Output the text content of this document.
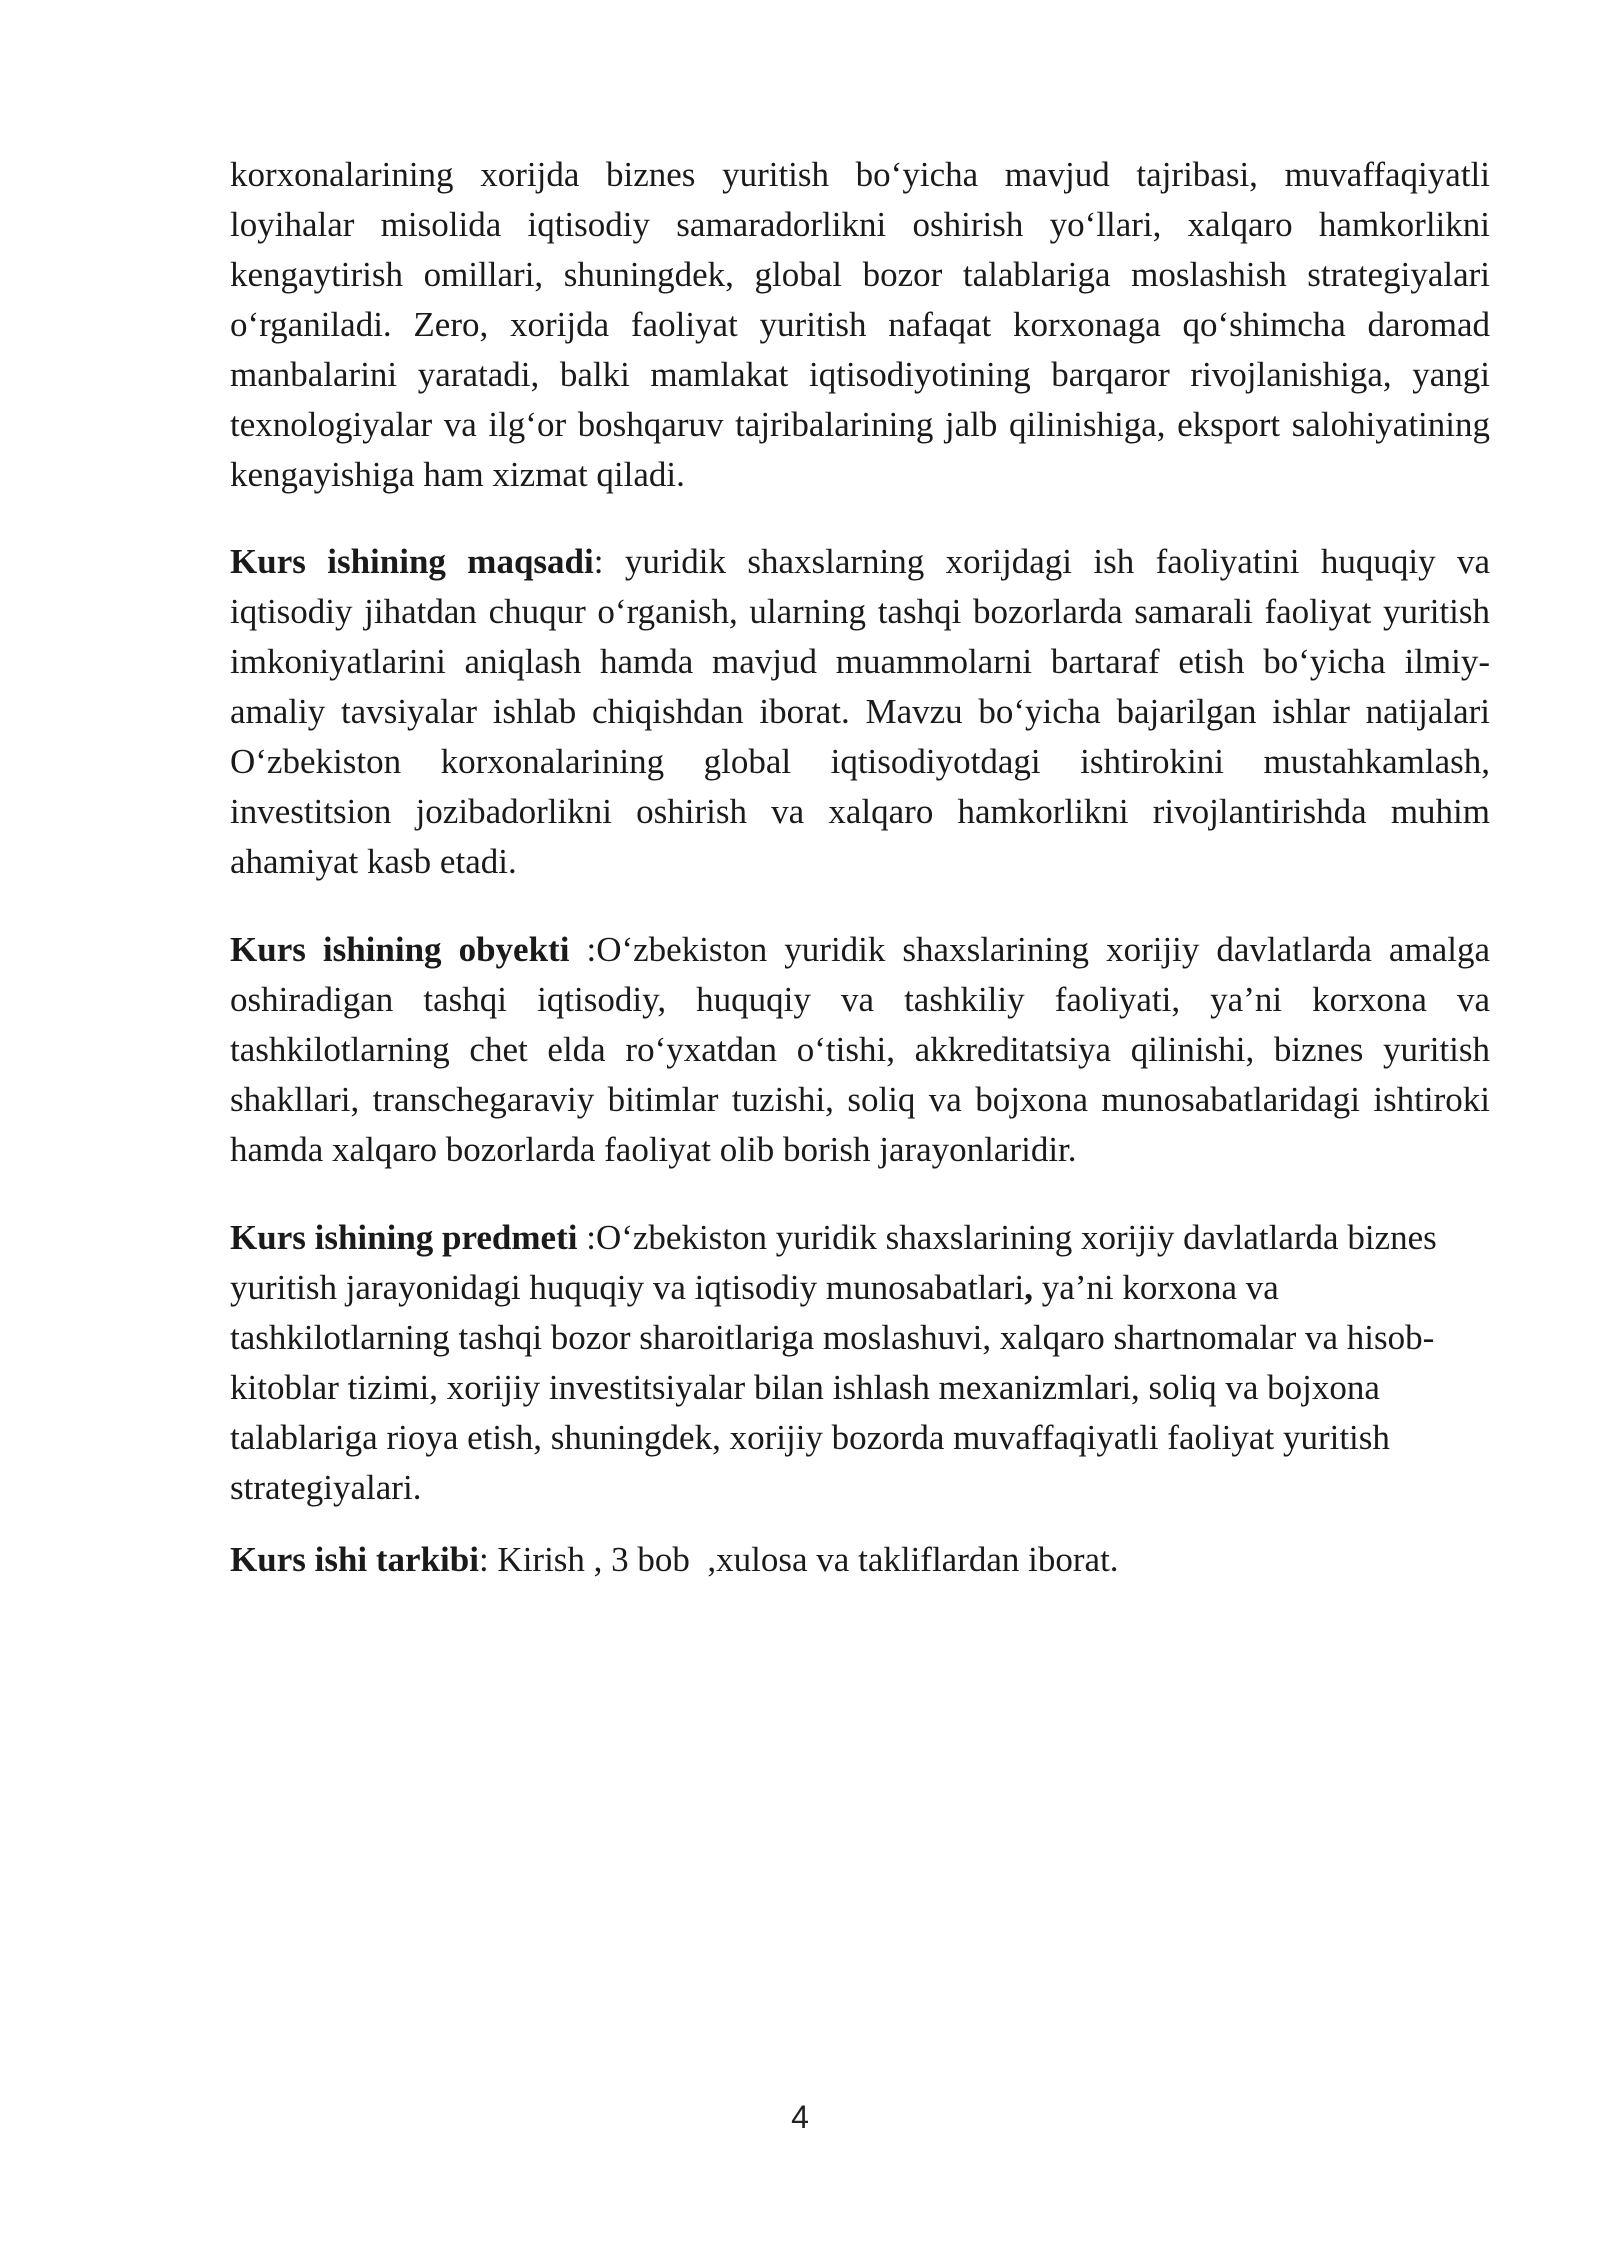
korxonalarining xorijda biznes yuritish bo‘yicha mavjud tajribasi, muvaffaqiyatli loyihalar misolida iqtisodiy samaradorlikni oshirish yo‘llari, xalqaro hamkorlikni kengaytirish omillari, shuningdek, global bozor talablariga moslashish strategiyalari o‘rganiladi. Zero, xorijda faoliyat yuritish nafaqat korxonaga qo‘shimcha daromad manbalarini yaratadi, balki mamlakat iqtisodiyotining barqaror rivojlanishiga, yangi texnologiyalar va ilg‘or boshqaruv tajribalarining jalb qilinishiga, eksport salohiyatining kengayishiga ham xizmat qiladi.

Kurs ishining maqsadi: yuridik shaxslarning xorijdagi ish faoliyatini huquqiy va iqtisodiy jihatdan chuqur o‘rganish, ularning tashqi bozorlarda samarali faoliyat yuritish imkoniyatlarini aniqlash hamda mavjud muammolarni bartaraf etish bo‘yicha ilmiy-amaliy tavsiyalar ishlab chiqishdan iborat. Mavzu bo‘yicha bajarilgan ishlar natijalari O‘zbekiston korxonalarining global iqtisodiyotdagi ishtirokini mustahkamlash, investitsion jozibadorlikni oshirish va xalqaro hamkorlikni rivojlantirishda muhim ahamiyat kasb etadi.

Kurs ishining obyekti :O‘zbekiston yuridik shaxslarining xorijiy davlatlarda amalga oshiradigan tashqi iqtisodiy, huquqiy va tashkiliy faoliyati, ya’ni korxona va tashkilotlarning chet elda ro‘yxatdan o‘tishi, akkreditatsiya qilinishi, biznes yuritish shakllari, transchegaraviy bitimlar tuzishi, soliq va bojxona munosabatlaridagi ishtiroki hamda xalqaro bozorlarda faoliyat olib borish jarayonlaridir.

Kurs ishining predmeti :O‘zbekiston yuridik shaxslarining xorijiy davlatlarda biznes yuritish jarayonidagi huquqiy va iqtisodiy munosabatlari, ya’ni korxona va tashkilotlarning tashqi bozor sharoitlariga moslashuvi, xalqaro shartnomalar va hisob-kitoblar tizimi, xorijiy investitsiyalar bilan ishlash mexanizmlari, soliq va bojxona talablariga rioya etish, shuningdek, xorijiy bozorda muvaffaqiyatli faoliyat yuritish strategiyalari.

Kurs ishi tarkibi: Kirish , 3 bob  ,xulosa va takliflardan iborat.

4
